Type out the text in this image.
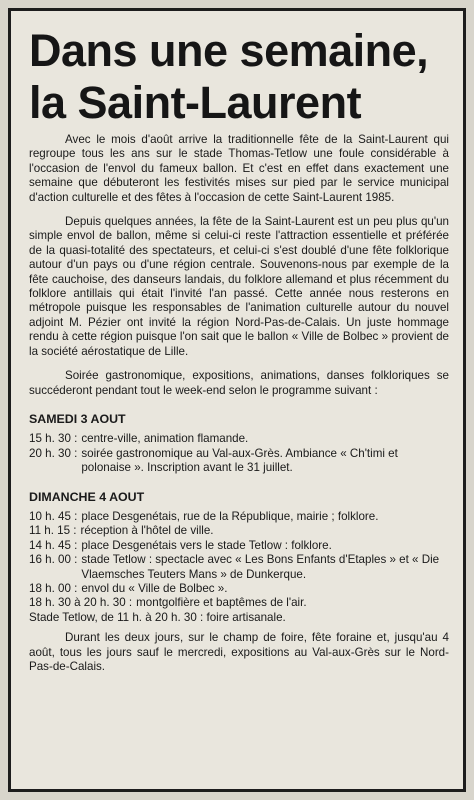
Dans une semaine,
la Saint-Laurent

Avec le mois d'août arrive la traditionnelle fête de la Saint-Laurent qui regroupe tous les ans sur le stade Thomas-Tetlow une foule considérable à l'occasion de l'envol du fameux ballon. Et c'est en effet dans exactement une semaine que débuteront les festivités mises sur pied par le service municipal d'action culturelle et des fêtes à l'occasion de cette Saint-Laurent 1985.

Depuis quelques années, la fête de la Saint-Laurent est un peu plus qu'un simple envol de ballon, même si celui-ci reste l'attraction essentielle et préférée de la quasi-totalité des spectateurs, et celui-ci s'est doublé d'une fête folklorique autour d'un pays ou d'une région centrale. Souvenons-nous par exemple de la fête cauchoise, des danseurs landais, du folklore allemand et plus récemment du folklore antillais qui était l'invité l'an passé. Cette année nous resterons en métropole puisque les responsables de l'animation culturelle autour du nouvel adjoint M. Pézier ont invité la région Nord-Pas-de-Calais. Un juste hommage rendu à cette région puisque l'on sait que le ballon « Ville de Bolbec » provient de la société aérostatique de Lille.

Soirée gastronomique, expositions, animations, danses folkloriques se succéderont pendant tout le week-end selon le programme suivant :

SAMEDI 3 AOUT
15 h. 30 : centre-ville, animation flamande.
20 h. 30 : soirée gastronomique au Val-aux-Grès. Ambiance « Ch'timi et polonaise ». Inscription avant le 31 juillet.
DIMANCHE 4 AOUT
10 h. 45 : place Desgenétais, rue de la République, mairie ; folklore.
11 h. 15 : réception à l'hôtel de ville.
14 h. 45 : place Desgenétais vers le stade Tetlow : folklore.
16 h. 00 : stade Tetlow : spectacle avec « Les Bons Enfants d'Etaples » et « Die Vlaemsches Teuters Mans » de Dunkerque.
18 h. 00 : envol du « Ville de Bolbec ».
18 h. 30 à 20 h. 30 : montgolfière et baptêmes de l'air.
Stade Tetlow, de 11 h. à 20 h. 30 : foire artisanale.

Durant les deux jours, sur le champ de foire, fête foraine et, jusqu'au 4 août, tous les jours sauf le mercredi, expositions au Val-aux-Grès sur le Nord-Pas-de-Calais.
